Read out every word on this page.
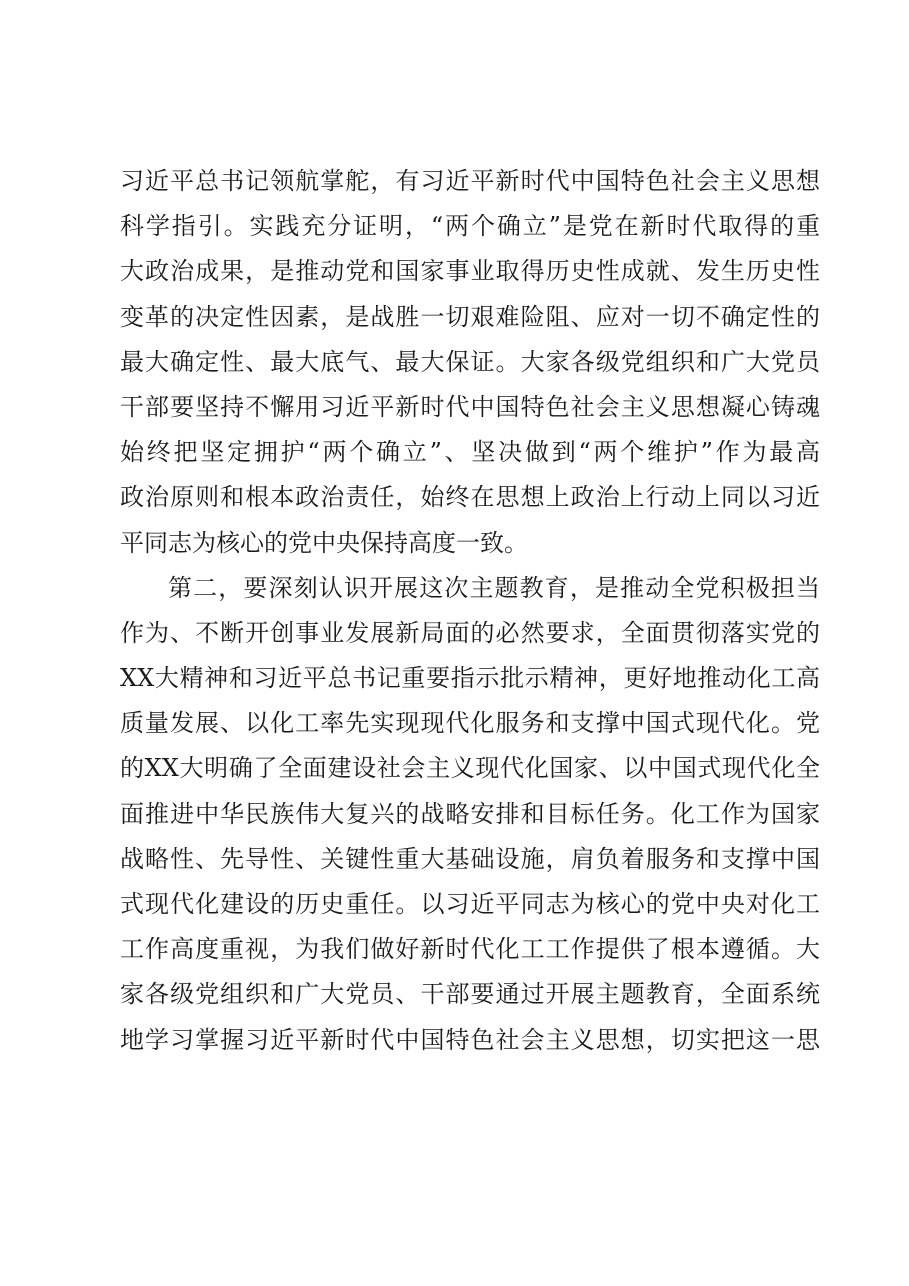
习近平总书记领航掌舵，有习近平新时代中国特色社会主义思想
科学指引。实践充分证明，“两个确立”是党在新时代取得的重
大政治成果，是推动党和国家事业取得历史性成就、发生历史性
变革的决定性因素，是战胜一切艰难险阻、应对一切不确定性的
最大确定性、最大底气、最大保证。大家各级党组织和广大党员
干部要坚持不懈用习近平新时代中国特色社会主义思想凝心铸魂
始终把坚定拥护“两个确立”、坚决做到“两个维护”作为最高
政治原则和根本政治责任，始终在思想上政治上行动上同以习近
平同志为核心的党中央保持高度一致。
第二，要深刻认识开展这次主题教育，是推动全党积极担当
作为、不断开创事业发展新局面的必然要求，全面贯彻落实党的
XX大精神和习近平总书记重要指示批示精神，更好地推动化工高
质量发展、以化工率先实现现代化服务和支撑中国式现代化。党
的XX大明确了全面建设社会主义现代化国家、以中国式现代化全
面推进中华民族伟大复兴的战略安排和目标任务。化工作为国家
战略性、先导性、关键性重大基础设施，肩负着服务和支撑中国
式现代化建设的历史重任。以习近平同志为核心的党中央对化工
工作高度重视，为我们做好新时代化工工作提供了根本遵循。大
家各级党组织和广大党员、干部要通过开展主题教育，全面系统
地学习掌握习近平新时代中国特色社会主义思想，切实把这一思
